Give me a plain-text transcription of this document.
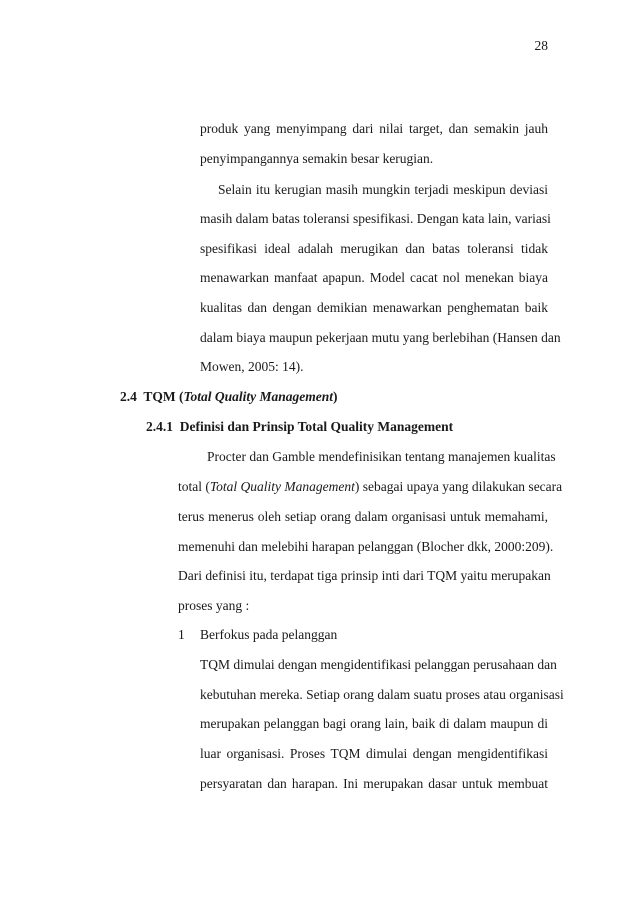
28
produk yang menyimpang dari nilai target, dan semakin jauh
penyimpangannya semakin besar kerugian.
Selain itu kerugian masih mungkin terjadi meskipun deviasi
masih dalam batas toleransi spesifikasi. Dengan kata lain, variasi
spesifikasi ideal adalah merugikan dan batas toleransi tidak
menawarkan manfaat apapun. Model cacat nol menekan biaya
kualitas dan dengan demikian menawarkan penghematan baik
dalam biaya maupun pekerjaan mutu yang berlebihan (Hansen dan
Mowen, 2005: 14).
2.4 TQM (Total Quality Management)
2.4.1 Definisi dan Prinsip Total Quality Management
Procter dan Gamble mendefinisikan tentang manajemen kualitas
total (Total Quality Management) sebagai upaya yang dilakukan secara
terus menerus oleh setiap orang dalam organisasi untuk memahami,
memenuhi dan melebihi harapan pelanggan (Blocher dkk, 2000:209).
Dari definisi itu, terdapat tiga prinsip inti dari TQM yaitu merupakan
proses yang :
1 Berfokus pada pelanggan
TQM dimulai dengan mengidentifikasi pelanggan perusahaan dan
kebutuhan mereka. Setiap orang dalam suatu proses atau organisasi
merupakan pelanggan bagi orang lain, baik di dalam maupun di
luar organisasi. Proses TQM dimulai dengan mengidentifikasi
persyaratan dan harapan. Ini merupakan dasar untuk membuat
